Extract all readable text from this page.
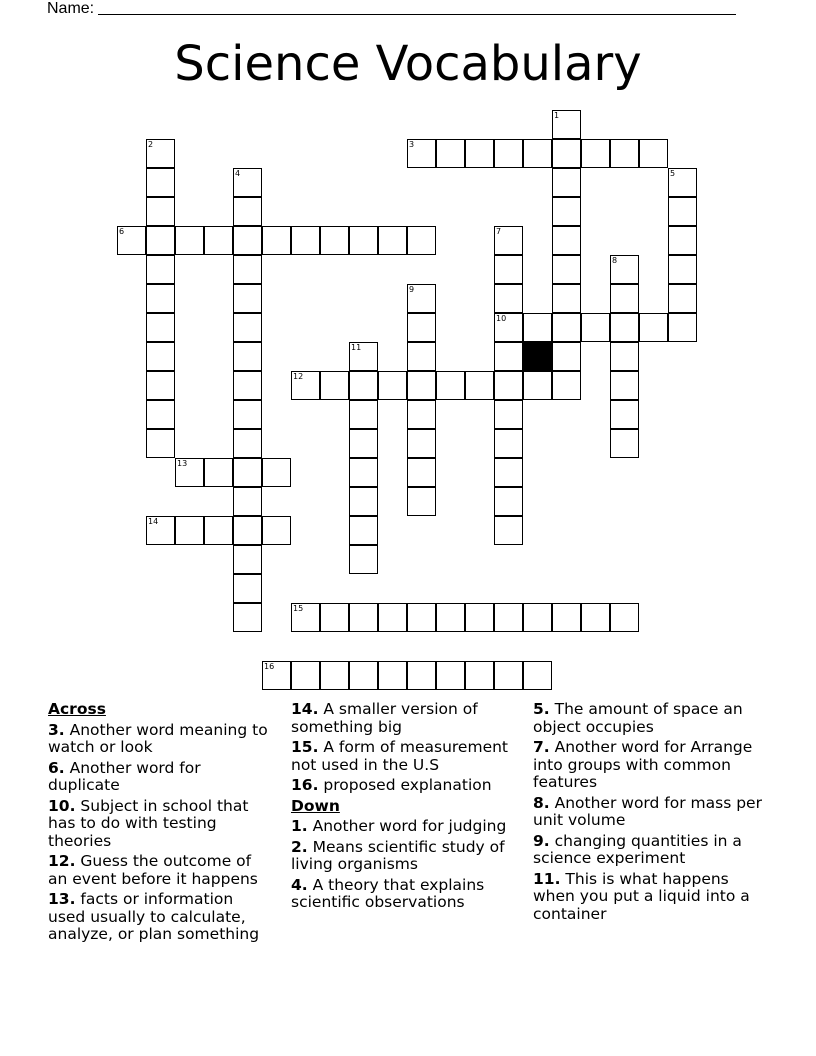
Name:
Science Vocabulary
1
2	3
4	5
6	7
10
8
9
11
12
13
14
15
16
Across
3. Another word meaning to watch or look
6. Another word for duplicate
10. Subject in school that has to do with testing theories
12. Guess the outcome of an event before it happens
13. facts or information used usually to calculate, analyze, or plan something
14. A smaller version of something big
15. A form of measurement not used in the U.S
16. proposed explanation
Down
1. Another word for judging
2. Means scientific study of living organisms
4. A theory that explains scientific observations
5. The amount of space an object occupies
7. Another word for Arrange into groups with common features
8. Another word for mass per unit volume
9. changing quantities in a science experiment
11. This is what happens when you put a liquid into a container
